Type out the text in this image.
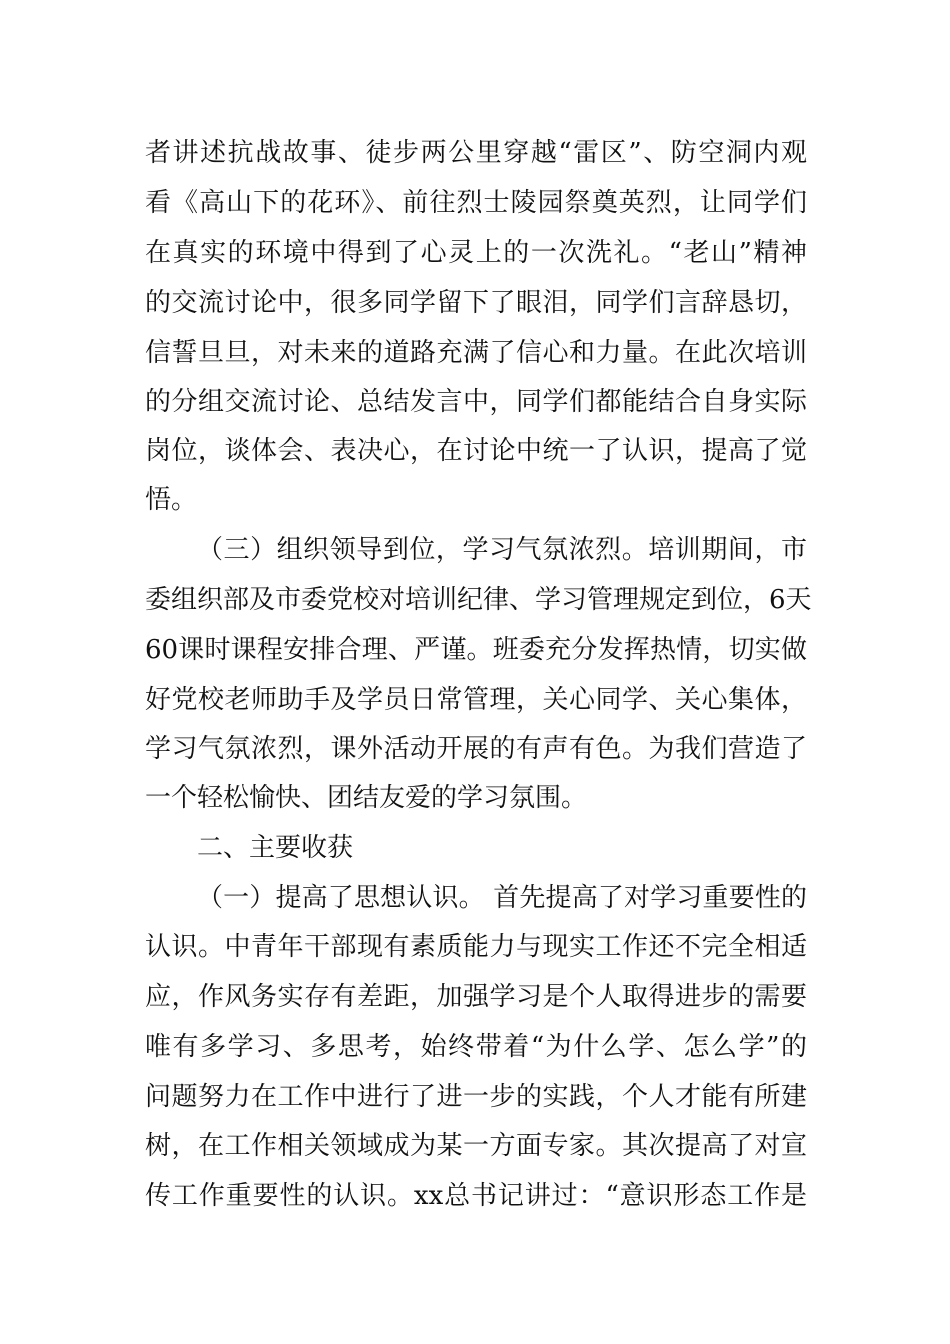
者讲述抗战故事、徒步两公里穿越“雷区”、防空洞内观

看《高山下的花环》、前往烈士陵园祭奠英烈，让同学们

在真实的环境中得到了心灵上的一次洗礼。“老山”精神

的交流讨论中，很多同学留下了眼泪，同学们言辞恳切，

信誓旦旦，对未来的道路充满了信心和力量。在此次培训

的分组交流讨论、总结发言中，同学们都能结合自身实际

岗位，谈体会、表决心，在讨论中统一了认识，提高了觉

悟。

（三）组织领导到位，学习气氛浓烈。培训期间，市

委组织部及市委党校对培训纪律、学习管理规定到位，6天

60课时课程安排合理、严谨。班委充分发挥热情，切实做

好党校老师助手及学员日常管理，关心同学、关心集体，

学习气氛浓烈，课外活动开展的有声有色。为我们营造了

一个轻松愉快、团结友爱的学习氛围。

二、主要收获

（一）提高了思想认识。 首先提高了对学习重要性的

认识。中青年干部现有素质能力与现实工作还不完全相适

应，作风务实存有差距，加强学习是个人取得进步的需要

唯有多学习、多思考，始终带着“为什么学、怎么学”的

问题努力在工作中进行了进一步的实践，个人才能有所建

树，在工作相关领域成为某一方面专家。其次提高了对宣

传工作重要性的认识。xx总书记讲过：“意识形态工作是
